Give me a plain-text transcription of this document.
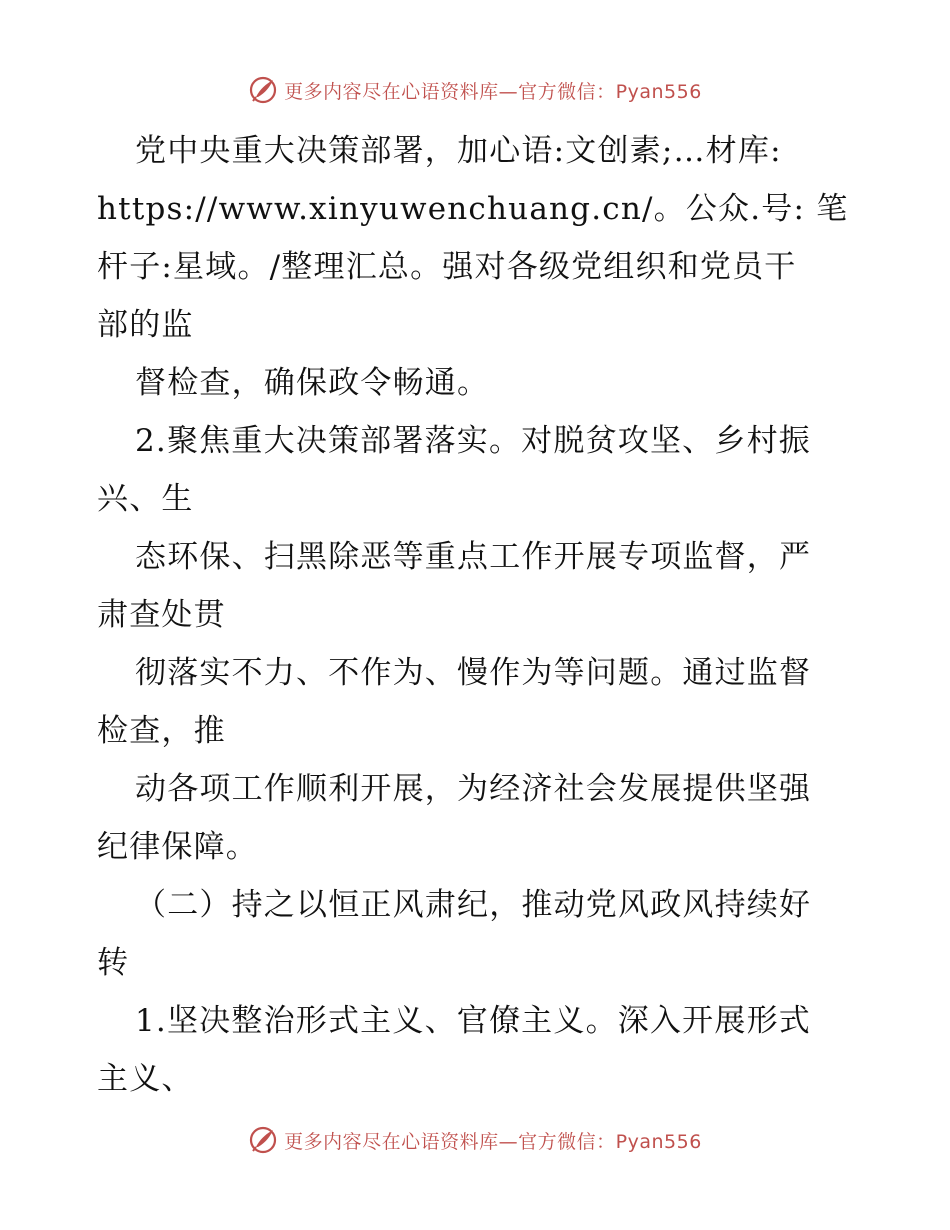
更多内容尽在心语资料库—官方微信：Pyan556
党中央重大决策部署，加心语:文创素;…材库:
https://www.xinyuwenchuang.cn/。公众.号: 笔
杆子:星域。/整理汇总。强对各级党组织和党员干
部的监
督检查，确保政令畅通。
2.聚焦重大决策部署落实。对脱贫攻坚、乡村振
兴、生
态环保、扫黑除恶等重点工作开展专项监督，严
肃查处贯
彻落实不力、不作为、慢作为等问题。通过监督
检查，推
动各项工作顺利开展，为经济社会发展提供坚强
纪律保障。
（二）持之以恒正风肃纪，推动党风政风持续好
转
1.坚决整治形式主义、官僚主义。深入开展形式
主义、
更多内容尽在心语资料库—官方微信：Pyan556
